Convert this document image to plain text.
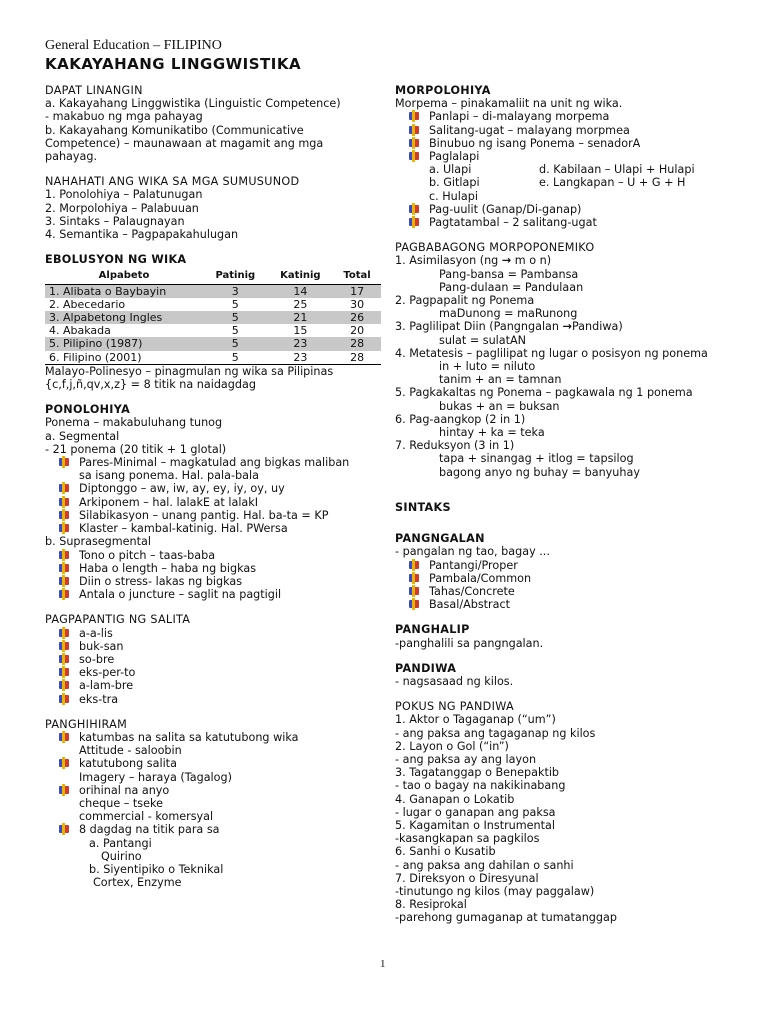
General Education – FILIPINO
KAKAYAHANG LINGGWISTIKA
DAPAT LINANGIN
a. Kakayahang Linggwistika (Linguistic Competence)
- makabuo ng mga pahayag
b. Kakayahang Komunikatibo (Communicative
Competence) – maunawaan at magamit ang mga
pahayag.
NAHAHATI ANG WIKA SA MGA SUMUSUNOD
1. Ponolohiya – Palatunugan
2. Morpolohiya – Palabuuan
3. Sintaks – Palaugnayan
4. Semantika – Pagpapakahulugan
EBOLUSYON NG WIKA
Alpabeto	Patinig	Katinig	Total
1. Alibata o Baybayin	3	14	17
2. Abecedario	5	25	30
3. Alpabetong Ingles	5	21	26
4. Abakada	5	15	20
5. Pilipino (1987)	5	23	28
6. Filipino (2001)	5	23	28
Malayo-Polinesyo – pinagmulan ng wika sa Pilipinas
{c,f,j,ñ,qv,x,z} = 8 titik na naidagdag
PONOLOHIYA
Ponema – makabuluhang tunog
a. Segmental
- 21 ponema (20 titik + 1 glotal)
Pares-Minimal – magkatulad ang bigkas maliban
sa isang ponema. Hal. pala-bala
Diptonggo – aw, iw, ay, ey, iy, oy, uy
Arkiponem – hal. lalakE at lalakI
Silabikasyon – unang pantig. Hal. ba-ta = KP
Klaster – kambal-katinig. Hal. PWersa
b. Suprasegmental
Tono o pitch – taas-baba
Haba o length – haba ng bigkas
Diin o stress- lakas ng bigkas
Antala o juncture – saglit na pagtigil
PAGPAPANTIG NG SALITA
a-a-lis
buk-san
so-bre
eks-per-to
a-lam-bre
eks-tra
PANGHIHIRAM
katumbas na salita sa katutubong wika
Attitude - saloobin
katutubong salita
Imagery – haraya (Tagalog)
orihinal na anyo
cheque – tseke
commercial - komersyal
8 dagdag na titik para sa
a. Pantangi
Quirino
b. Siyentipiko o Teknikal
Cortex, Enzyme
MORPOLOHIYA
Morpema – pinakamaliit na unit ng wika.
Panlapi – di-malayang morpema
Salitang-ugat – malayang morpmea
Binubuo ng isang Ponema – senadorA
Paglalapi
a. Ulapi	d. Kabilaan – Ulapi + Hulapi
b. Gitlapi	e. Langkapan – U + G + H
c. Hulapi
Pag-uulit (Ganap/Di-ganap)
Pagtatambal – 2 salitang-ugat
PAGBABAGONG MORPOPONEMIKO
1. Asimilasyon (ng → m o n)
Pang-bansa = Pambansa
Pang-dulaan = Pandulaan
2. Pagpapalit ng Ponema
maDunong = maRunong
3. Paglilipat Diin (Pangngalan →Pandiwa)
sulat = sulatAN
4. Metatesis – paglilipat ng lugar o posisyon ng ponema
in + luto = niluto
tanim + an = tamnan
5. Pagkakaltas ng Ponema – pagkawala ng 1 ponema
bukas + an = buksan
6. Pag-aangkop (2 in 1)
hintay + ka = teka
7. Reduksyon (3 in 1)
tapa + sinangag + itlog = tapsilog
bagong anyo ng buhay = banyuhay
SINTAKS
PANGNGALAN
- pangalan ng tao, bagay ...
Pantangi/Proper
Pambala/Common
Tahas/Concrete
Basal/Abstract
PANGHALIP
-panghalili sa pangngalan.
PANDIWA
- nagsasaad ng kilos.
POKUS NG PANDIWA
1. Aktor o Tagaganap (“um”)
- ang paksa ang tagaganap ng kilos
2. Layon o Gol (“in”)
- ang paksa ay ang layon
3. Tagatanggap o Benepaktib
- tao o bagay na nakikinabang
4. Ganapan o Lokatib
- lugar o ganapan ang paksa
5. Kagamitan o Instrumental
-kasangkapan sa pagkilos
6. Sanhi o Kusatib
- ang paksa ang dahilan o sanhi
7. Direksyon o Diresyunal
-tinutungo ng kilos (may paggalaw)
8. Resiprokal
-parehong gumaganap at tumatanggap
1
